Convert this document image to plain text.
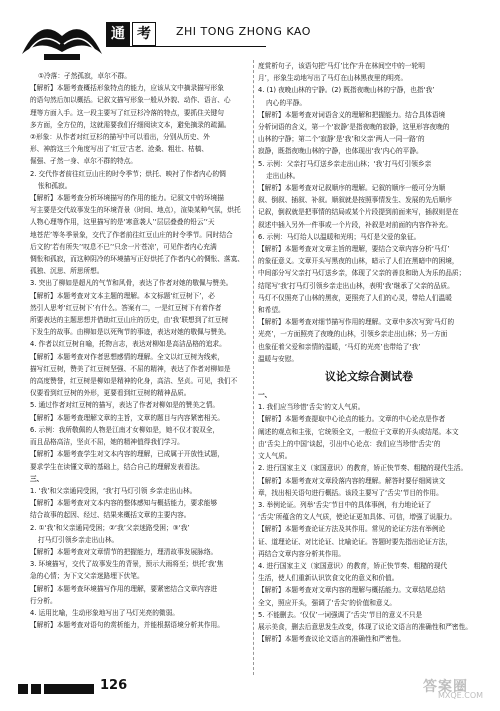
通 考	ZHI TONG ZHONG KAO

①冷落：孑然孤寂，卓尔不群。

【解析】本题考查概括形象特点的能力，应该从文中摘录描写形象

的语句然后加以概括。记叙文描写形象一般从外貌、动作、语言、心

理等方面入手。这一段主要写了红豆杉冷落的特点，要抓住关键句

多方面，全方位的，这就需要我们仔细阅读文本，避免摘录的疏漏。

②形象：从作者对红豆杉的描写中可以看出，分别从历史、外

形、神韵这三个角度写出了‘红豆’古老、沧桑、粗壮、枯槁、

倔强、孑然一身、卓尔不群的特点。

2. 交代作者前往红豆山庄的时令季节；烘托、映衬了作者内心的惆

怅和孤寂。

【解析】本题考查分析环境描写的作用的能力。记叙文中的环境描

写主要是交代故事发生的环境背景（时间、地点），渲染某种气氛，烘托

人物心理等作用，这里描写的是‘寒意袭人’‘层层叠叠的铅云’‘天

地苍茫’等冬季景象，交代了作者前往红豆山庄的时令季节。同时结合

后文的‘若有所失’‘叹息不已’‘只余一片苍凉’，可见作者内心充满

惆怅和孤寂，而这种阴冷的环境描写正好烘托了作者内心的惆怅、落寞、

孤独、沉思、所思所想。

3. 突出了柳如是超凡的气节和风骨，表达了作者对她的敬佩与赞美。

【解析】本题考查对文本主题的理解。本文标题‘红豆树下’，必

然引人思考‘红豆树下’有什么。答案有二，一是红豆树下有着作者

所要表达的主题思想并借助红豆山庄的历史，由‘我’联想到了红豆树

下发生的故事。由柳如是以死殉节的事迹，表达对她的敬佩与赞美。

4. 作者以红豆树自喻，托物言志，表达对柳如是高洁品格的追求。

【解析】本题考查对作者思想感情的理解。全文以红豆树为线索，

描写红豆树，赞美了红豆树坚强、不屈的精神，表达了作者对柳如是

的高度赞誉，红豆树是柳如是精神的化身，高洁、坚贞。可见，我们不

仅要看到红豆树的外形，更要看到红豆树的精神品质。

5. 通过作者对红豆树的描写，表达了作者对柳如是的赞美之情。

【解析】本题考查理解文章的主旨，文章的题目与内容紧密相关。

6. 示例：我所敬佩的人物是江南才女柳如是，她不仅才貌双全，

而且品格高洁，坚贞不屈，她的精神值得我们学习。

【解析】本题考查学生对文本内容的理解，已成属于开放性试题，

要求学生在读懂文章的基础上，结合自己的理解发表看法。

三、

1. ‘我’和父亲通同受困，‘我’打马灯引领 乡亲走出山林。

【解析】本题考查对文本内容的整体感知与概括能力，要求能够

结合故事的起因、经过、结果来概括文章的主要内容。

2. ①‘我’和父亲通同受困；②‘我’父亲迷路受困；③‘我’

打马灯引领乡亲走出山林。

【解析】本题考查对文章情节的把握能力，理清故事发展脉络。

3. 环境描写，交代了故事发生的背景，预示大雨将至；烘托‘我’焦

急的心情；为下文父亲迷路埋下伏笔。

【解析】本题考查环境描写作用的理解，要紧密结合文章内容进

行分析。

4. 运用比喻，生动形象地写出了马灯光亮的微弱。

【解析】本题考查对语句的赏析能力，并能根据语境分析其作用。

度赏析句子，该语句把‘马灯’比作‘升在林间空中的一轮明

月’，形象生动地写出了马灯在山林黑夜里的明亮。

4. (1) 夜晚山林的宁静。(2) 既指夜晚山林的宁静，也指‘我’

内心的平静。

【解析】本题考查对词语含义的理解和把握能力。结合具体语境

分析词语的含义，第一个‘寂静’是指夜晚的寂静，这里形容夜晚的

山林的宁静；第二个‘寂静’是‘我’和父亲‘两人一同一路’的

寂静，既指夜晚山林的宁静，也体现出‘我’内心的平静。

5. 示例：父亲打马灯送乡亲走出山林；‘我’打马灯引领乡亲

走出山林。

【解析】本题考查对记叙顺序的理解。记叙的顺序一般可分为顺

叙、倒叙、插叙、补叙。顺叙就是按照事情发生、发展的先后顺序

记叙，倒叙就是把事情的结局或某个片段提到前面来写，插叙则是在

叙述中插入另外一件事或一个片段，补叙是对前面的内容作补充。

6. 示例：马灯给人以温暖和光明；马灯是父爱的象征。

【解析】本题考查对文章主旨的理解，要结合文章内容分析‘马灯’

的象征意义。文章开头写黑夜的山林，暗示了人们在黑暗中的困境，

中间部分写父亲打马灯送乡亲，体现了父亲的善良和助人为乐的品质；

结尾写‘我’打马灯引领乡亲走出山林，表明‘我’继承了父亲的品质。

马灯不仅照亮了山林的黑夜，更照亮了人们的心灵，带给人们温暖

和希望。

【解析】本题考查对细节描写作用的理解。文章中多次写到‘马灯的

光亮’，一方面照亮了夜晚的山林，引领乡亲走出山林；另一方面

也象征着父爱和亲情的温暖，‘马灯的光亮’也带给了‘我’

温暖与安慰。

议论文综合测试卷

一、

1. 我们应当珍惜‘舌尖’的文人气质。

【解析】本题考查提取中心论点的能力。文章的中心论点是作者

阐述的观点和主张，它统领全文，一般位于文章的开头或结尾。本文

由‘舌尖上的中国’谈起，引出中心论点：我们应当珍惜‘舌尖’的

文人气质。

2. 进行国家主义（家国意识）的教育，矫正快节奏、粗糙的现代生活。

【解析】本题考查对文章段落内容的理解。解答时要仔细阅读文

章，找出相关语句进行概括。该段主要写了‘舌尖’节目的作用。

3. 举例论证。列举‘舌尖’节目中的具体事例，有力地论证了

‘舌尖’所蕴含的文人气质，使论证更加具体、可信，增强了说服力。

【解析】本题考查论证方法及其作用。常见的论证方法有举例论

证、道理论证、对比论证、比喻论证。答题时要先指出论证方法，

再结合文章内容分析其作用。

4. 进行国家主义（家国意识）的教育，矫正快节奏、粗糙的现代

生活，使人们重新认识饮食文化的意义和价值。

【解析】本题考查对文章内容的理解与概括能力。文章结尾总结

全文，照应开头，强调了‘舌尖’的价值和意义。

5. 不能删去。‘仅仅’一词强调了‘舌尖’节目的意义不只是

展示美食，删去后意思发生改变，体现了议论文语言的准确性和严密性。

【解析】本题考查议论文语言的准确性和严密性。

126	答案圈
MXQE.COM
